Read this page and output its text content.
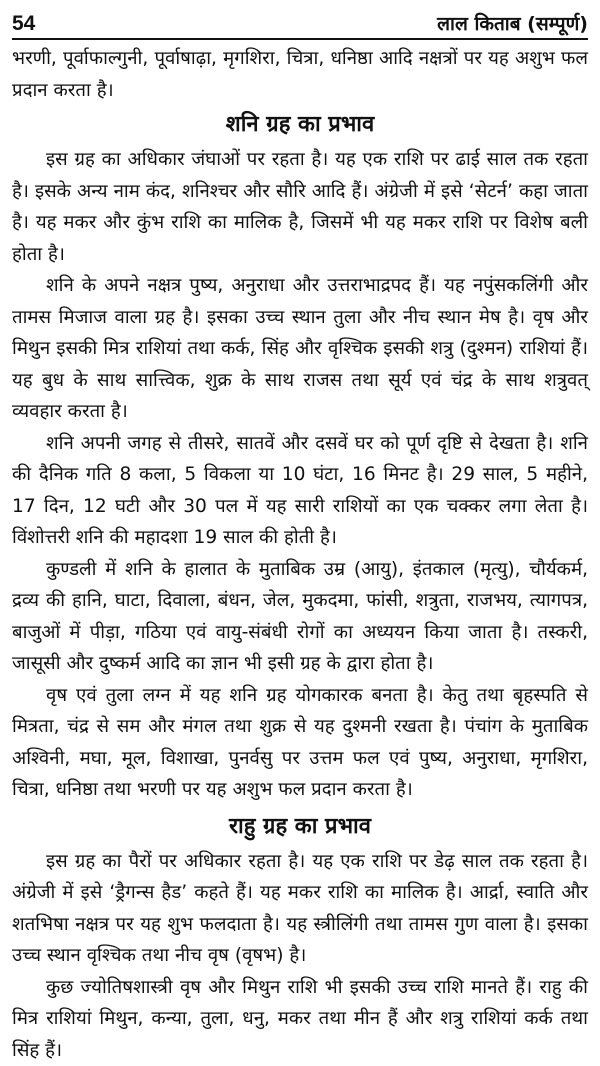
54	लाल किताब (सम्पूर्ण)

भरणी, पूर्वाफाल्गुनी, पूर्वाषाढ़ा, मृगशिरा, चित्रा, धनिष्ठा आदि नक्षत्रों पर यह अशुभ फल प्रदान करता है।

शनि ग्रह का प्रभाव

इस ग्रह का अधिकार जंघाओं पर रहता है। यह एक राशि पर ढाई साल तक रहता है। इसके अन्य नाम कंद, शनिश्चर और सौरि आदि हैं। अंग्रेजी में इसे ‘सेटर्न’ कहा जाता है। यह मकर और कुंभ राशि का मालिक है, जिसमें भी यह मकर राशि पर विशेष बली होता है।

शनि के अपने नक्षत्र पुष्य, अनुराधा और उत्तराभाद्रपद हैं। यह नपुंसकलिंगी और तामस मिजाज वाला ग्रह है। इसका उच्च स्थान तुला और नीच स्थान मेष है। वृष और मिथुन इसकी मित्र राशियां तथा कर्क, सिंह और वृश्चिक इसकी शत्रु (दुश्मन) राशियां हैं। यह बुध के साथ सात्त्विक, शुक्र के साथ राजस तथा सूर्य एवं चंद्र के साथ शत्रुवत् व्यवहार करता है।

शनि अपनी जगह से तीसरे, सातवें और दसवें घर को पूर्ण दृष्टि से देखता है। शनि की दैनिक गति 8 कला, 5 विकला या 10 घंटा, 16 मिनट है। 29 साल, 5 महीने, 17 दिन, 12 घटी और 30 पल में यह सारी राशियों का एक चक्कर लगा लेता है। विंशोत्तरी शनि की महादशा 19 साल की होती है।

कुण्डली में शनि के हालात के मुताबिक उम्र (आयु), इंतकाल (मृत्यु), चौर्यकर्म, द्रव्य की हानि, घाटा, दिवाला, बंधन, जेल, मुकदमा, फांसी, शत्रुता, राजभय, त्यागपत्र, बाजुओं में पीड़ा, गठिया एवं वायु-संबंधी रोगों का अध्ययन किया जाता है। तस्करी, जासूसी और दुष्कर्म आदि का ज्ञान भी इसी ग्रह के द्वारा होता है।

वृष एवं तुला लग्न में यह शनि ग्रह योगकारक बनता है। केतु तथा बृहस्पति से मित्रता, चंद्र से सम और मंगल तथा शुक्र से यह दुश्मनी रखता है। पंचांग के मुताबिक अश्विनी, मघा, मूल, विशाखा, पुनर्वसु पर उत्तम फल एवं पुष्य, अनुराधा, मृगशिरा, चित्रा, धनिष्ठा तथा भरणी पर यह अशुभ फल प्रदान करता है।

राहु ग्रह का प्रभाव

इस ग्रह का पैरों पर अधिकार रहता है। यह एक राशि पर डेढ़ साल तक रहता है। अंग्रेजी में इसे ‘ड्रैगन्स हैड’ कहते हैं। यह मकर राशि का मालिक है। आर्द्रा, स्वाति और शतभिषा नक्षत्र पर यह शुभ फलदाता है। यह स्त्रीलिंगी तथा तामस गुण वाला है। इसका उच्च स्थान वृश्चिक तथा नीच वृष (वृषभ) है।

कुछ ज्योतिषशास्त्री वृष और मिथुन राशि भी इसकी उच्च राशि मानते हैं। राहु की मित्र राशियां मिथुन, कन्या, तुला, धनु, मकर तथा मीन हैं और शत्रु राशियां कर्क तथा सिंह हैं।
